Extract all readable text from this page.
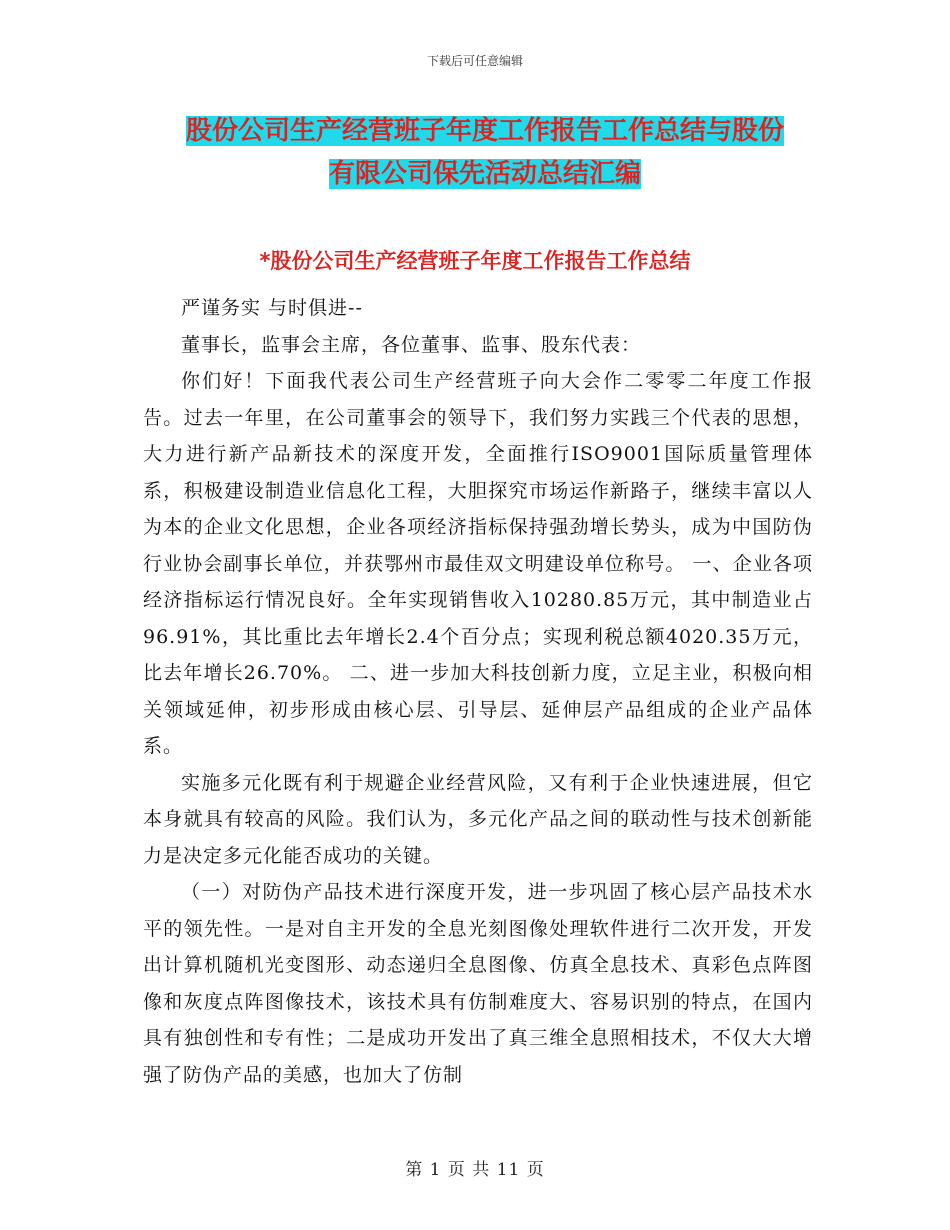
下载后可任意编辑
股份公司生产经营班子年度工作报告工作总结与股份
有限公司保先活动总结汇编
*股份公司生产经营班子年度工作报告工作总结

严谨务实 与时俱进--

董事长，监事会主席，各位董事、监事、股东代表：

你们好！下面我代表公司生产经营班子向大会作二零零二年度工作报告。过去一年里，在公司董事会的领导下，我们努力实践三个代表的思想，大力进行新产品新技术的深度开发，全面推行ISO9001国际质量管理体系，积极建设制造业信息化工程，大胆探究市场运作新路子，继续丰富以人为本的企业文化思想，企业各项经济指标保持强劲增长势头，成为中国防伪行业协会副事长单位，并获鄂州市最佳双文明建设单位称号。 一、企业各项经济指标运行情况良好。全年实现销售收入10280.85万元，其中制造业占96.91%，其比重比去年增长2.4个百分点；实现利税总额4020.35万元，比去年增长26.70%。 二、进一步加大科技创新力度，立足主业，积极向相关领域延伸，初步形成由核心层、引导层、延伸层产品组成的企业产品体系。

实施多元化既有利于规避企业经营风险，又有利于企业快速进展，但它本身就具有较高的风险。我们认为，多元化产品之间的联动性与技术创新能力是决定多元化能否成功的关键。

（一）对防伪产品技术进行深度开发，进一步巩固了核心层产品技术水平的领先性。一是对自主开发的全息光刻图像处理软件进行二次开发，开发出计算机随机光变图形、动态递归全息图像、仿真全息技术、真彩色点阵图像和灰度点阵图像技术，该技术具有仿制难度大、容易识别的特点，在国内具有独创性和专有性；二是成功开发出了真三维全息照相技术，不仅大大增强了防伪产品的美感，也加大了仿制

第 1 页 共 11 页
